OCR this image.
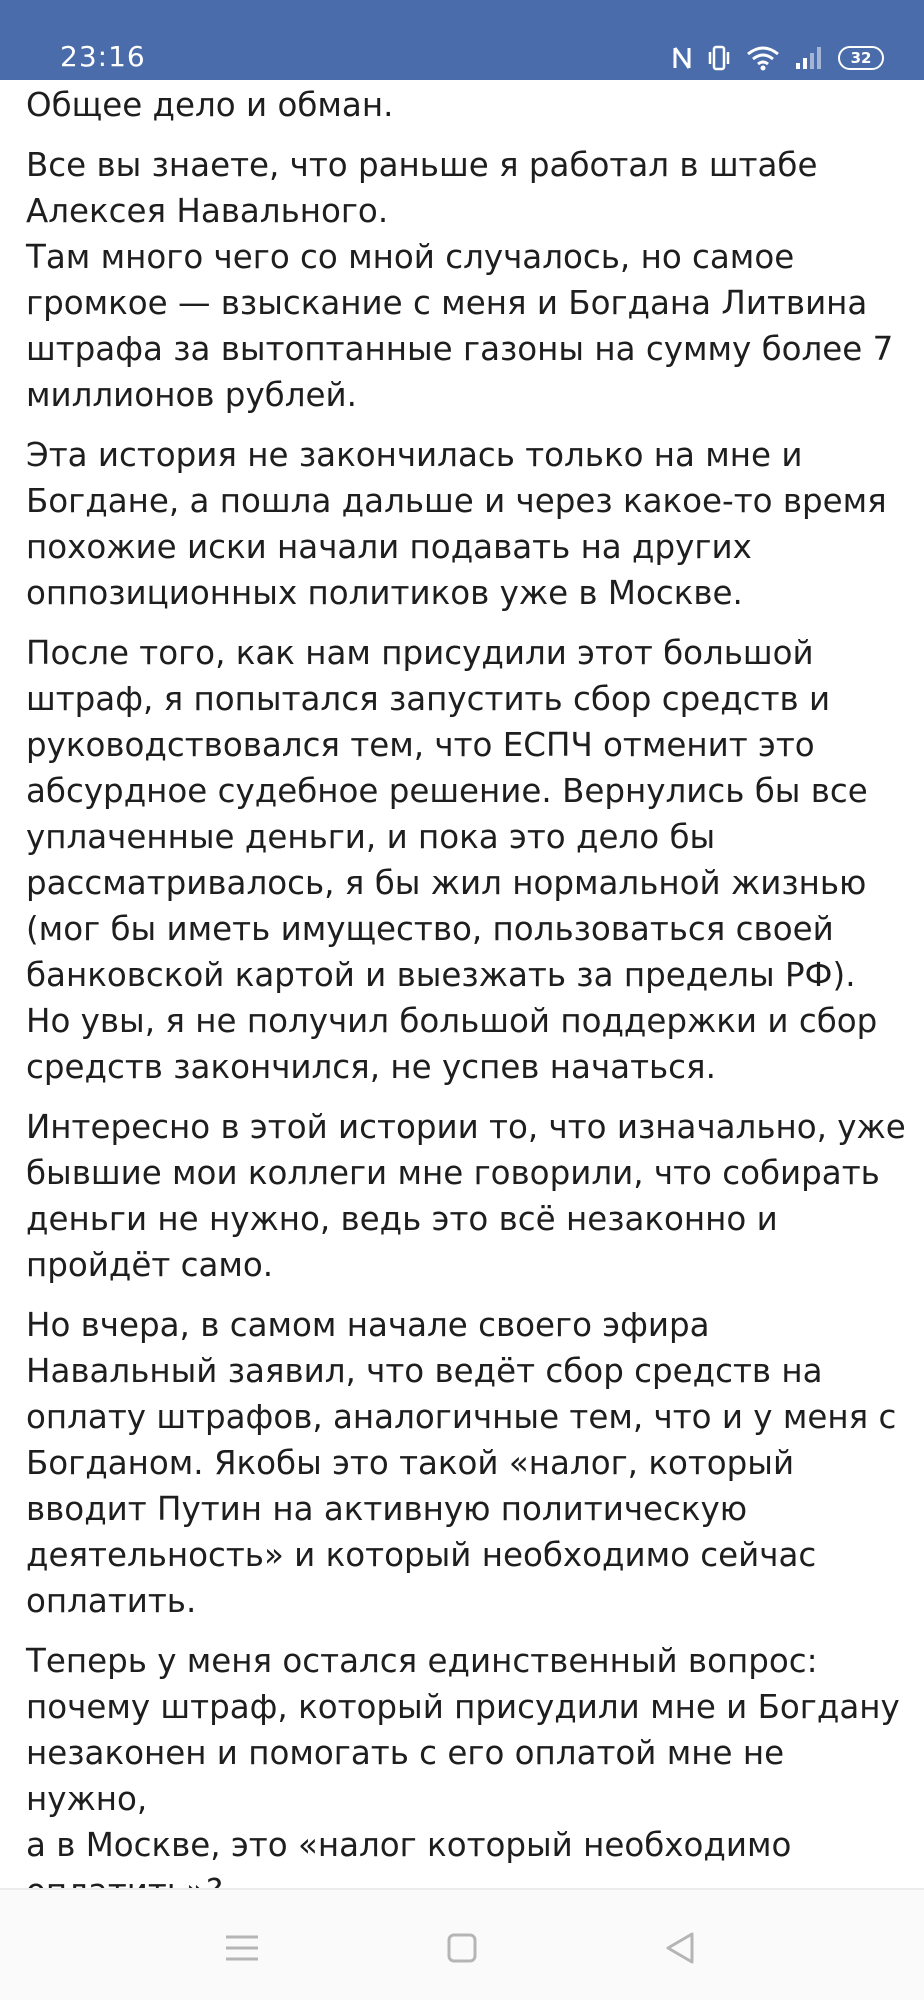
23:16	32

Общее дело и обман.

Все вы знаете, что раньше я работал в штабе
Алексея Навального.
Там много чего со мной случалось, но самое
громкое — взыскание с меня и Богдана Литвина
штрафа за вытоптанные газоны на сумму более 7
миллионов рублей.

Эта история не закончилась только на мне и
Богдане, а пошла дальше и через какое-то время
похожие иски начали подавать на других
оппозиционных политиков уже в Москве.

После того, как нам присудили этот большой
штраф, я попытался запустить сбор средств и
руководствовался тем, что ЕСПЧ отменит это
абсурдное судебное решение. Вернулись бы все
уплаченные деньги, и пока это дело бы
рассматривалось, я бы жил нормальной жизнью
(мог бы иметь имущество, пользоваться своей
банковской картой и выезжать за пределы РФ).
Но увы, я не получил большой поддержки и сбор
средств закончился, не успев начаться.

Интересно в этой истории то, что изначально, уже
бывшие мои коллеги мне говорили, что собирать
деньги не нужно, ведь это всё незаконно и
пройдёт само.

Но вчера, в самом начале своего эфира
Навальный заявил, что ведёт сбор средств на
оплату штрафов, аналогичные тем, что и у меня с
Богданом. Якобы это такой «налог, который
вводит Путин на активную политическую
деятельность» и который необходимо сейчас
оплатить.

Теперь у меня остался единственный вопрос:
почему штраф, который присудили мне и Богдану
незаконен и помогать с его оплатой мне не нужно,
а в Москве, это «налог который необходимо
